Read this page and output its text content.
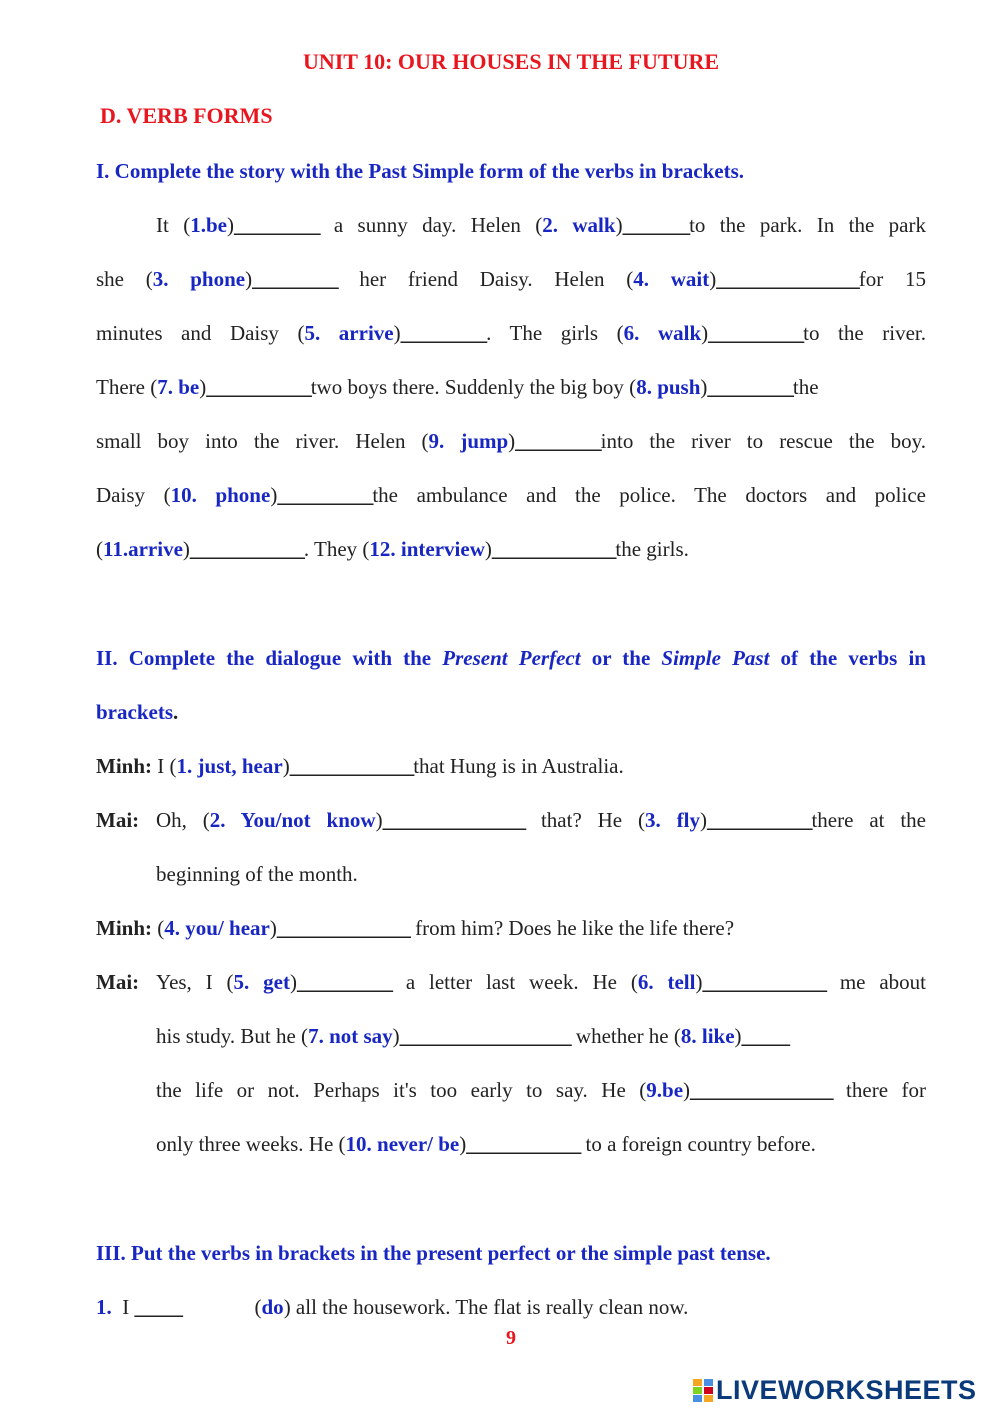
UNIT 10: OUR HOUSES IN THE FUTURE
D. VERB FORMS
I. Complete the story with the Past Simple form of the verbs in brackets.
It (1.be)_________ a sunny day. Helen (2. walk)_______to the park. In the park
she (3. phone)_________ her friend Daisy. Helen (4. wait)_______________for 15
minutes and Daisy (5. arrive)_________. The girls (6. walk)__________to the river.
There (7. be)___________two boys there. Suddenly the big boy (8. push)_________the
small boy into the river. Helen (9. jump)_________into the river to rescue the boy.
Daisy (10. phone)__________the ambulance and the police. The doctors and police
(11.arrive)____________. They (12. interview)_____________the girls.
II. Complete the dialogue with the Present Perfect or the Simple Past of the verbs in
brackets.
Minh: I (1. just, hear)_____________that Hung is in Australia.
Mai: Oh, (2. You/not know)_______________ that? He (3. fly)___________there at the
beginning of the month.
Minh: (4. you/ hear)______________ from him? Does he like the life there?
Mai: Yes, I (5. get)__________ a letter last week. He (6. tell)_____________ me about
his study. But he (7. not say)__________________ whether he (8. like)_____
the life or not. Perhaps it's too early to say. He (9.be)_______________ there for
only three weeks. He (10. never/ be)____________ to a foreign country before.
III. Put the verbs in brackets in the present perfect or the simple past tense.
1. I _____	(do) all the housework. The flat is really clean now.
9
LIVEWORKSHEETS
